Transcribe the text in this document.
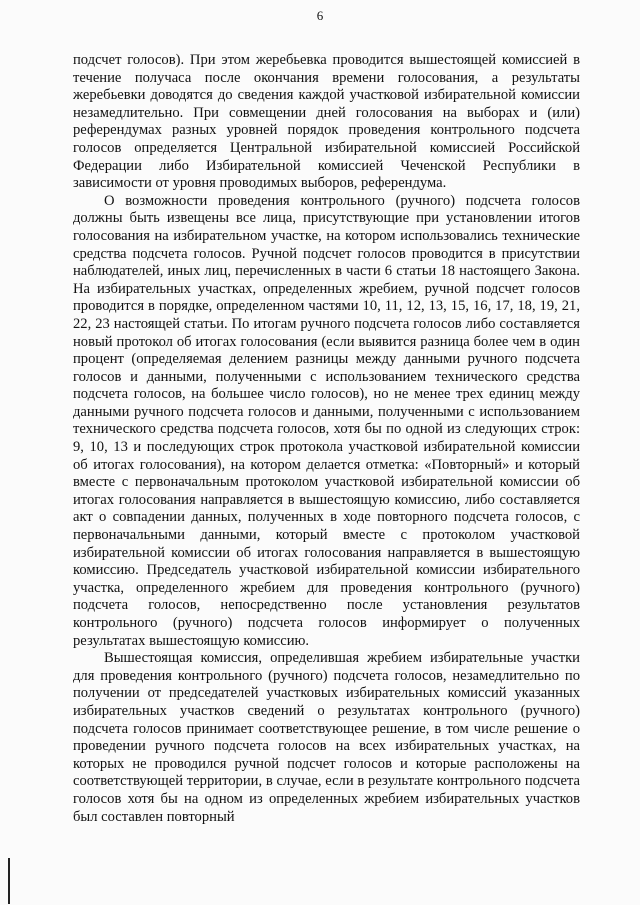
6

подсчет голосов). При этом жеребьевка проводится вышестоящей комиссией в течение получаса после окончания времени голосования, а результаты жеребьевки доводятся до сведения каждой участковой избирательной комиссии незамедлительно. При совмещении дней голосования на выборах и (или) референдумах разных уровней порядок проведения контрольного подсчета голосов определяется Центральной избирательной комиссией Российской Федерации либо Избирательной комиссией Чеченской Республики в зависимости от уровня проводимых выборов, референдума.

О возможности проведения контрольного (ручного) подсчета голосов должны быть извещены все лица, присутствующие при установлении итогов голосования на избирательном участке, на котором использовались технические средства подсчета голосов. Ручной подсчет голосов проводится в присутствии наблюдателей, иных лиц, перечисленных в части 6 статьи 18 настоящего Закона. На избирательных участках, определенных жребием, ручной подсчет голосов проводится в порядке, определенном частями 10, 11, 12, 13, 15, 16, 17, 18, 19, 21, 22, 23 настоящей статьи. По итогам ручного подсчета голосов либо составляется новый протокол об итогах голосования (если выявится разница более чем в один процент (определяемая делением разницы между данными ручного подсчета голосов и данными, полученными с использованием технического средства подсчета голосов, на большее число голосов), но не менее трех единиц между данными ручного подсчета голосов и данными, полученными с использованием технического средства подсчета голосов, хотя бы по одной из следующих строк: 9, 10, 13 и последующих строк протокола участковой избирательной комиссии об итогах голосования), на котором делается отметка: «Повторный» и который вместе с первоначальным протоколом участковой избирательной комиссии об итогах голосования направляется в вышестоящую комиссию, либо составляется акт о совпадении данных, полученных в ходе повторного подсчета голосов, с первоначальными данными, который вместе с протоколом участковой избирательной комиссии об итогах голосования направляется в вышестоящую комиссию. Председатель участковой избирательной комиссии избирательного участка, определенного жребием для проведения контрольного (ручного) подсчета голосов, непосредственно после установления результатов контрольного (ручного) подсчета голосов информирует о полученных результатах вышестоящую комиссию.

Вышестоящая комиссия, определившая жребием избирательные участки для проведения контрольного (ручного) подсчета голосов, незамедлительно по получении от председателей участковых избирательных комиссий указанных избирательных участков сведений о результатах контрольного (ручного) подсчета голосов принимает соответствующее решение, в том числе решение о проведении ручного подсчета голосов на всех избирательных участках, на которых не проводился ручной подсчет голосов и которые расположены на соответствующей территории, в случае, если в результате контрольного подсчета голосов хотя бы на одном из определенных жребием избирательных участков был составлен повторный
